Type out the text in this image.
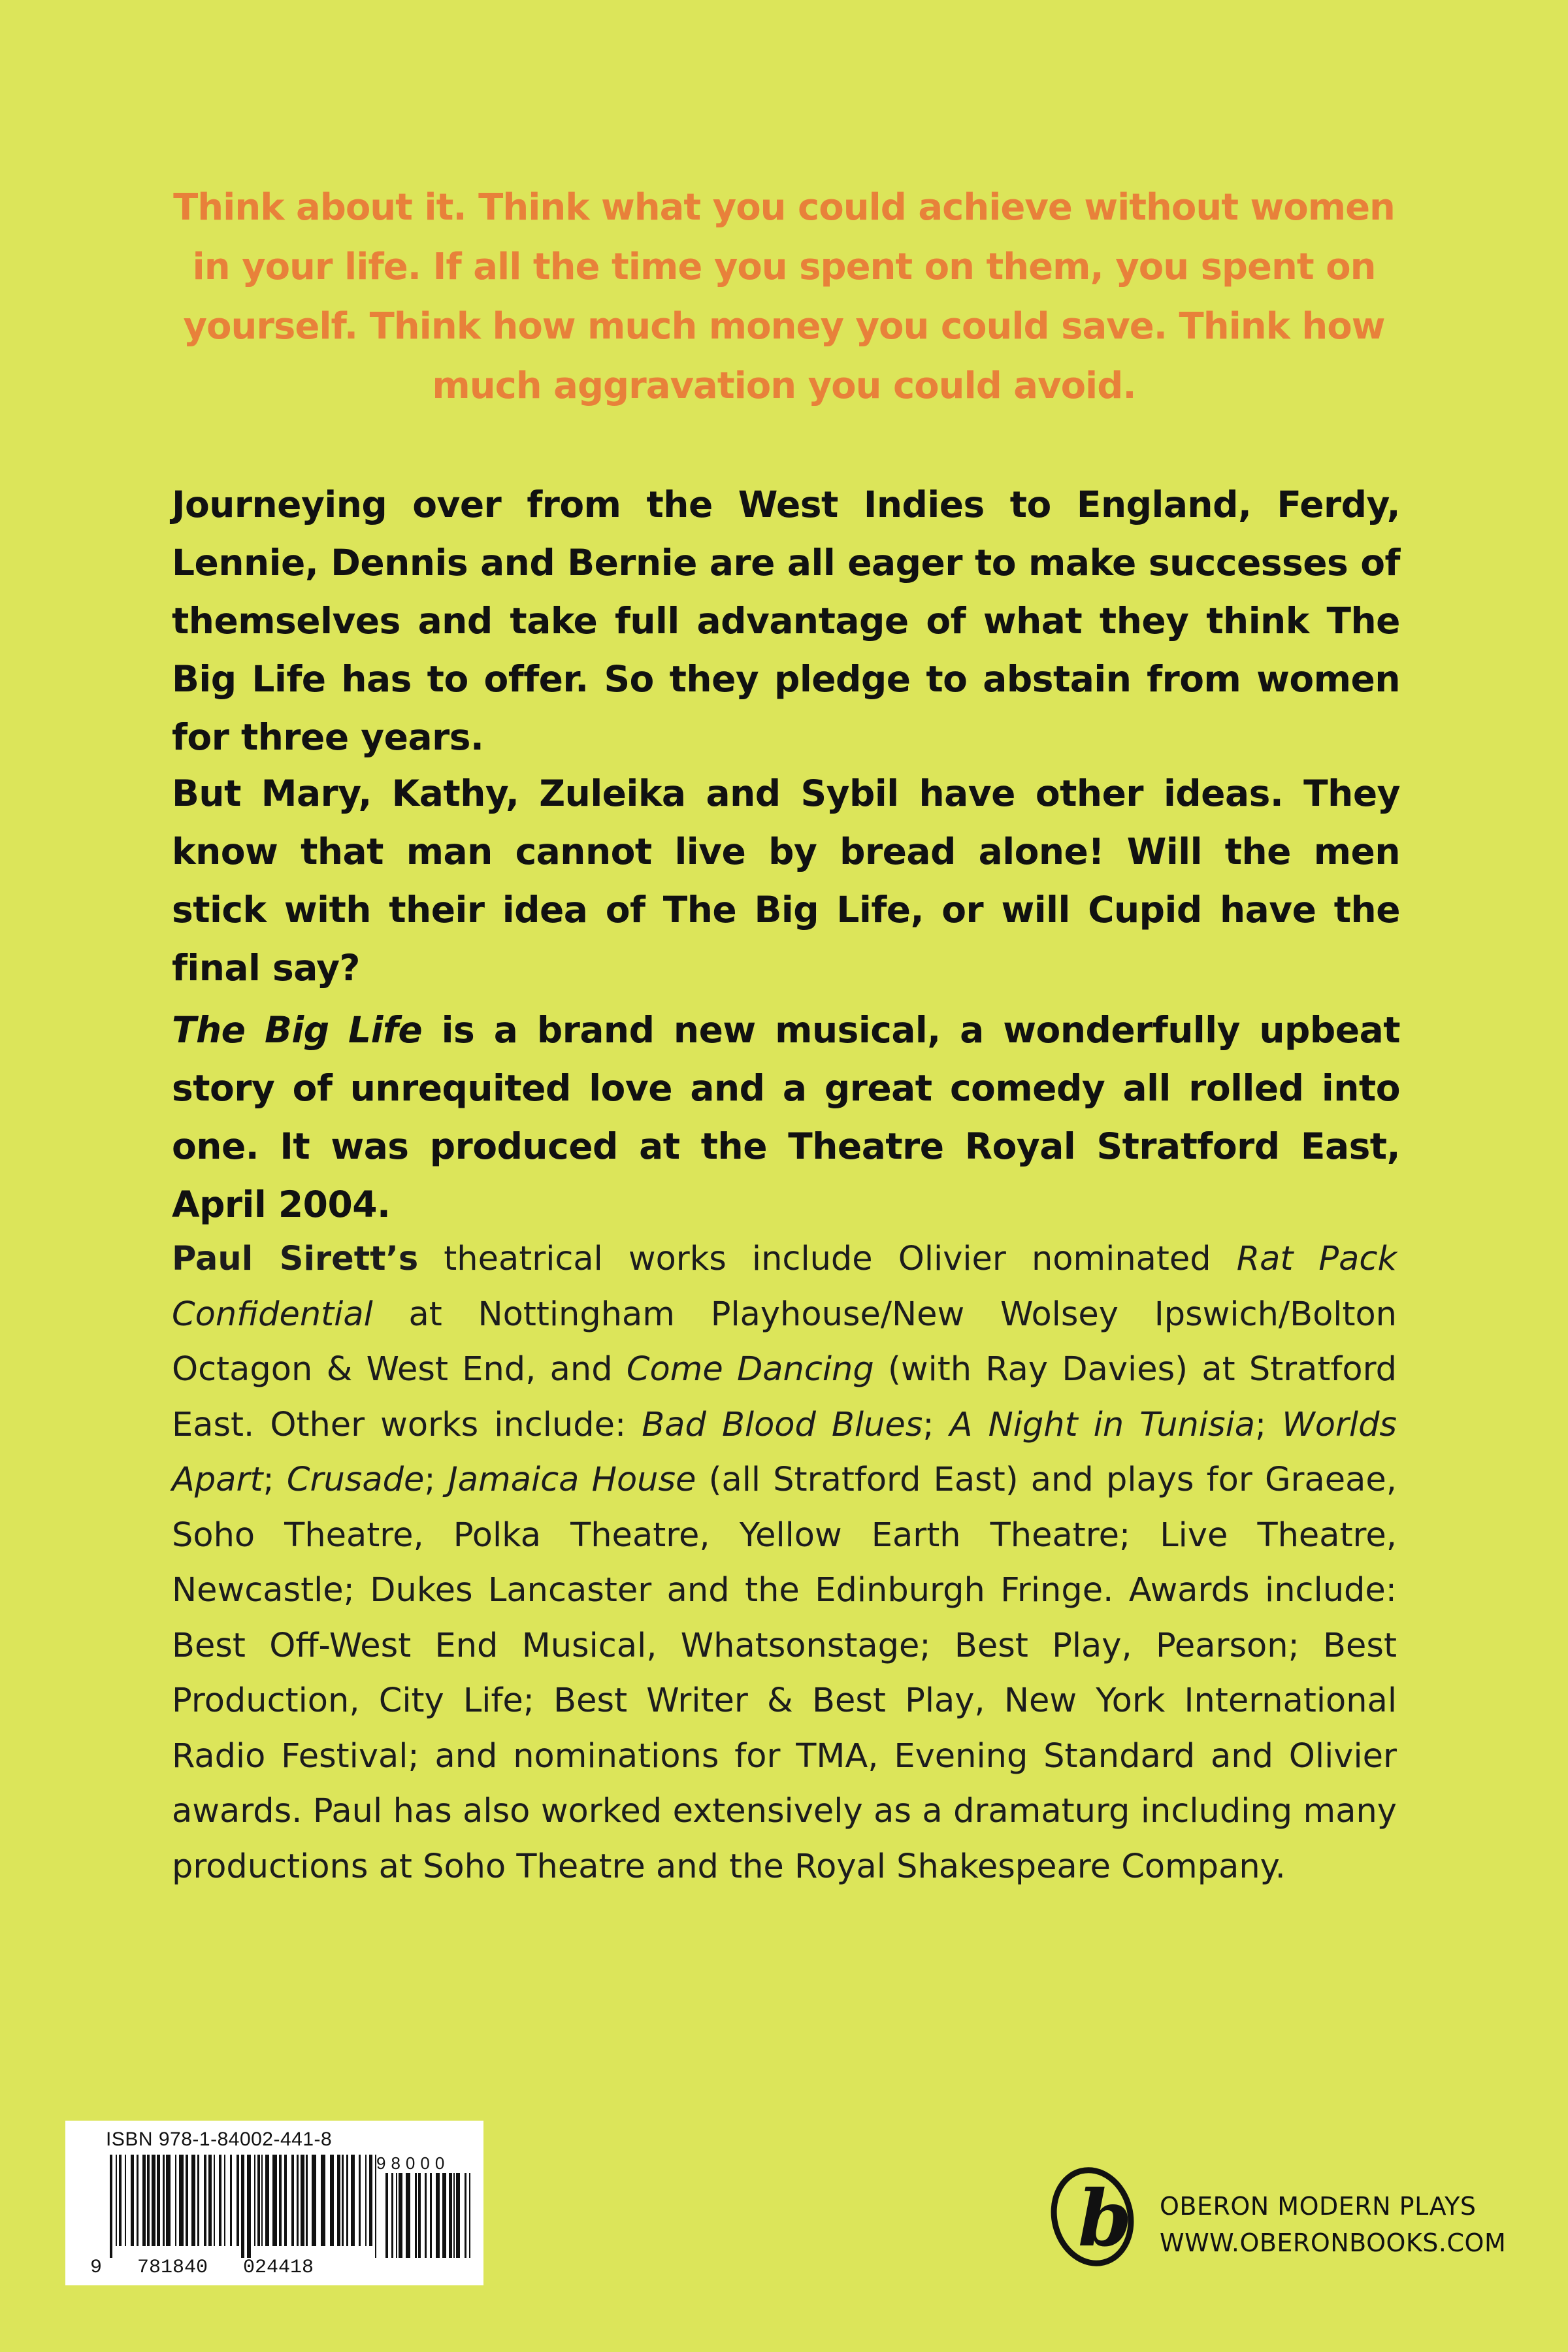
Think about it. Think what you could achieve without women in your life. If all the time you spent on them, you spent on yourself. Think how much money you could save. Think how much aggravation you could avoid.

Journeying over from the West Indies to England, Ferdy, Lennie, Dennis and Bernie are all eager to make successes of themselves and take full advantage of what they think The Big Life has to offer. So they pledge to abstain from women for three years.

But Mary, Kathy, Zuleika and Sybil have other ideas. They know that man cannot live by bread alone! Will the men stick with their idea of The Big Life, or will Cupid have the final say?

The Big Life is a brand new musical, a wonderfully upbeat story of unrequited love and a great comedy all rolled into one. It was produced at the Theatre Royal Stratford East, April 2004.

Paul Sirett’s theatrical works include Olivier nominated Rat Pack Confidential at Nottingham Playhouse/New Wolsey Ipswich/Bolton Octagon & West End, and Come Dancing (with Ray Davies) at Stratford East. Other works include: Bad Blood Blues; A Night in Tunisia; Worlds Apart; Crusade; Jamaica House (all Stratford East) and plays for Graeae, Soho Theatre, Polka Theatre, Yellow Earth Theatre; Live Theatre, Newcastle; Dukes Lancaster and the Edinburgh Fringe. Awards include: Best Off-West End Musical, Whatsonstage; Best Play, Pearson; Best Production, City Life; Best Writer & Best Play, New York International Radio Festival; and nominations for TMA, Evening Standard and Olivier awards. Paul has also worked extensively as a dramaturg including many productions at Soho Theatre and the Royal Shakespeare Company.

ISBN 978-1-84002-441-8
98000
9   781840   024418
b OBERON MODERN PLAYS
WWW.OBERONBOOKS.COM
